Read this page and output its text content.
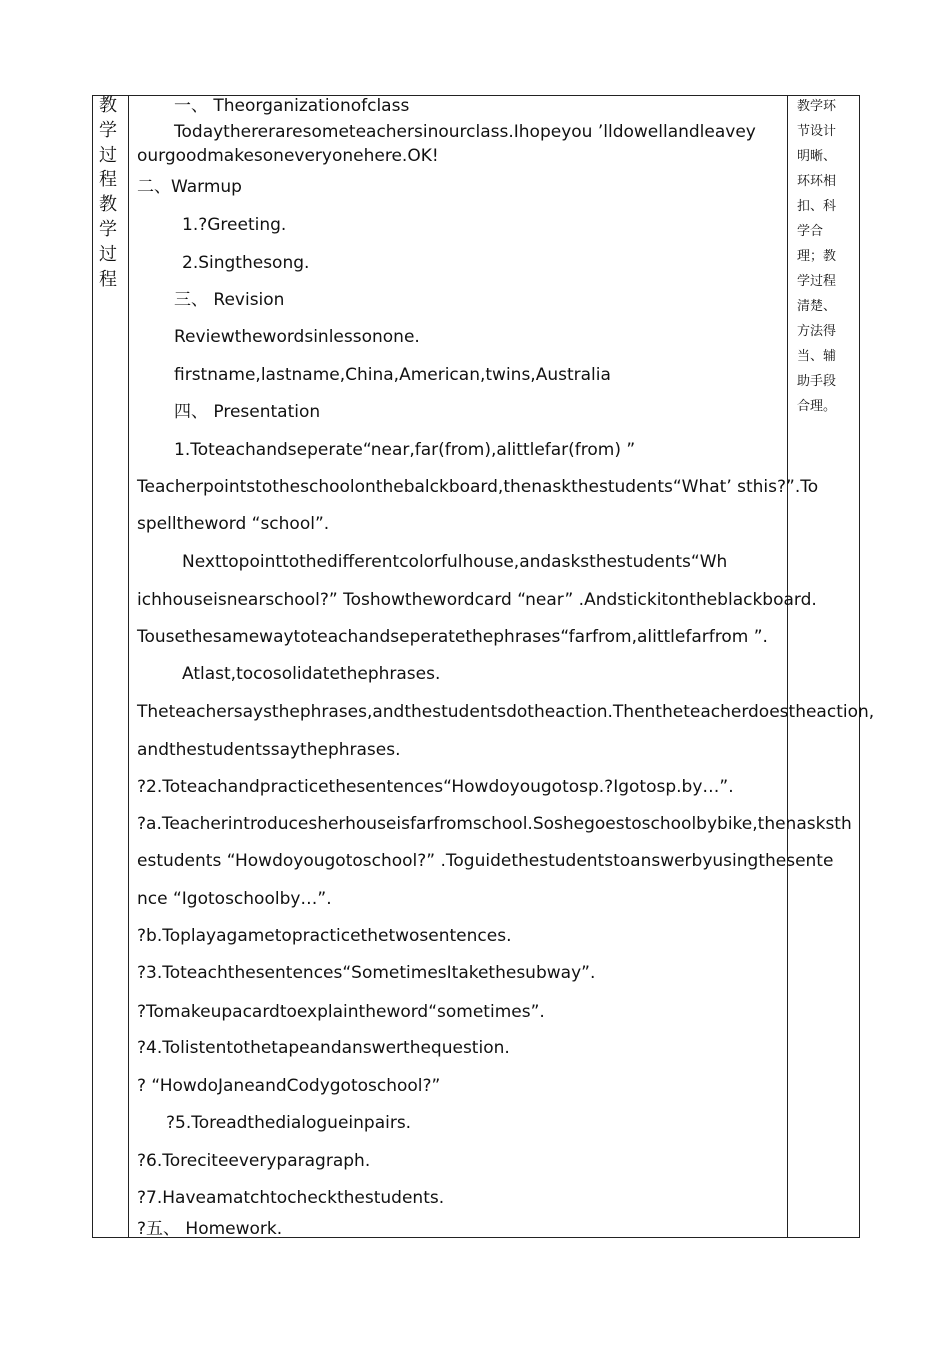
教学过程教学过程
教学环节设计明晰、环环相扣、科学合理；教学过程清楚、方法得当、辅助手段合理。
一、 Theorganizationofclass
Todaythereraresometeachersinourclass.Ihopeyou ’lldowellandleavey
ourgoodmakesoneveryonehere.OK!
二、Warmup
1.?Greeting.
2.Singthesong.
三、 Revision
Reviewthewordsinlessonone.
firstname,lastname,China,American,twins,Australia
四、 Presentation
1.Toteachandseperate“near,far(from),alittlefar(from) ”
Teacherpointstotheschoolonthebalckboard,thenaskthestudents“What’ sthis?”.To
spelltheword “school”.
Nexttopointtothedifferentcolorfulhouse,andasksthestudents“Wh
ichhouseisnearschool?” Toshowthewordcard “near” .Andstickitontheblackboard.
Tousethesamewaytoteachandseperatethephrases“farfrom,alittlefarfrom ”.
Atlast,tocosolidatethephrases.
Theteachersaysthephrases,andthestudentsdotheaction.Thentheteacherdoestheaction,
andthestudentssaythephrases.
?2.Toteachandpracticethesentences“Howdoyougotosp.?Igotosp.by…”.
?a.Teacherintroducesherhouseisfarfromschool.Soshegoestoschoolbybike,thenasksth
estudents “Howdoyougotoschool?” .Toguidethestudentstoanswerbyusingthesente
nce “Igotoschoolby…”.
?b.Toplayagametopracticethetwosentences.
?3.Toteachthesentences“SometimesItakethesubway”.
?Tomakeupacardtoexplaintheword“sometimes”.
?4.Tolistentothetapeandanswerthequestion.
? “HowdoJaneandCodygotoschool?”
?5.Toreadthedialogueinpairs.
?6.Toreciteeveryparagraph.
?7.Haveamatchtocheckthestudents.
?五、 Homework.
